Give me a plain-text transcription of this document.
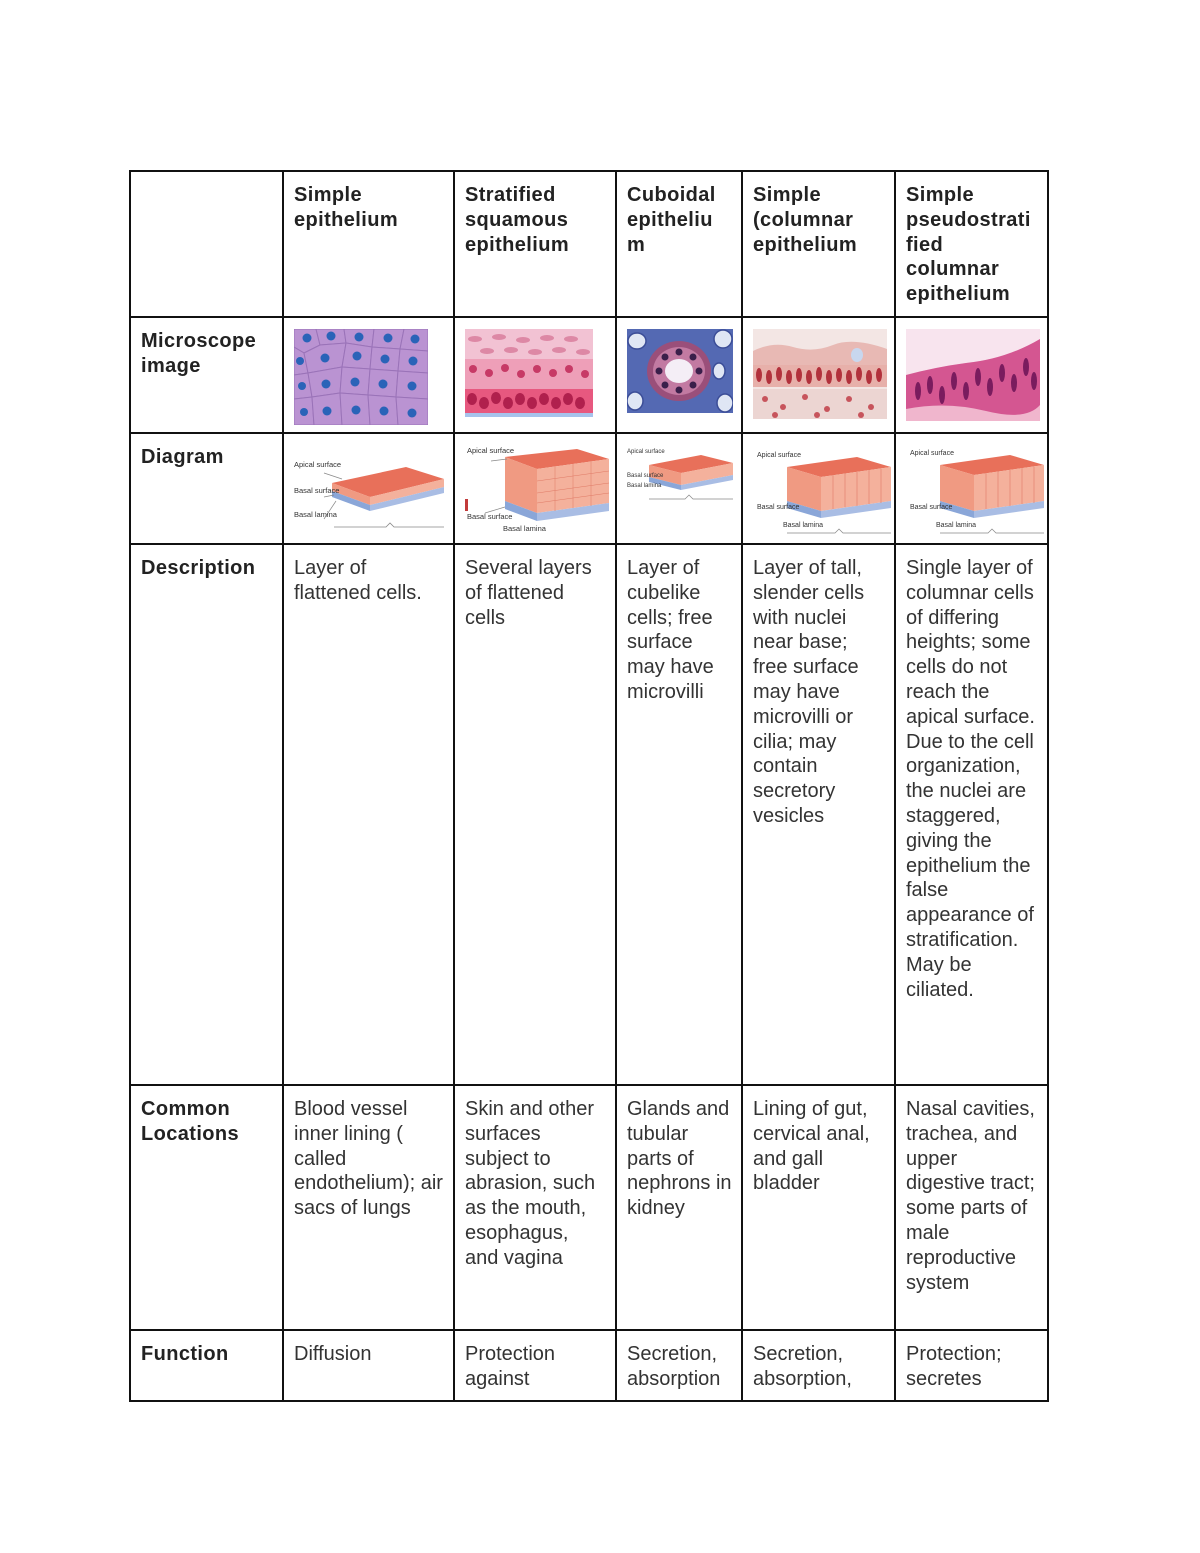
	Simple epithelium	Stratified squamous epithelium	Cuboidal epitheliu m	Simple (columnar epithelium	Simple pseudostrati fied columnar epithelium
Microscope image	

Diagram	Apical surface
Basal surface
Basal lamina	Apical surface
Basal surface
Basal lamina	Apical surface
Basal surface
Basal lamina	Apical surface
Basal surface
Basal lamina	Apical surface
Basal surface
Basal lamina

Description	Layer of flattened cells.	Several layers of flattened cells	Layer of cubelike cells; free surface may have microvilli	Layer of tall, slender cells with nuclei near base; free surface may have microvilli or cilia; may contain secretory vesicles	Single layer of columnar cells of differing heights; some cells do not reach the apical surface. Due to the cell organization, the nuclei are staggered, giving the epithelium the false appearance of stratification. May be ciliated.
Common Locations	Blood vessel inner lining ( called endothelium); air sacs of lungs	Skin and other surfaces subject to abrasion, such as the mouth, esophagus, and vagina	Glands and tubular parts of nephrons in kidney	Lining of gut, cervical anal, and gall bladder	Nasal cavities, trachea, and upper digestive tract; some parts of male reproductive system
Function	Diffusion	Protection against	Secretion, absorption	Secretion, absorption,	Protection; secretes
